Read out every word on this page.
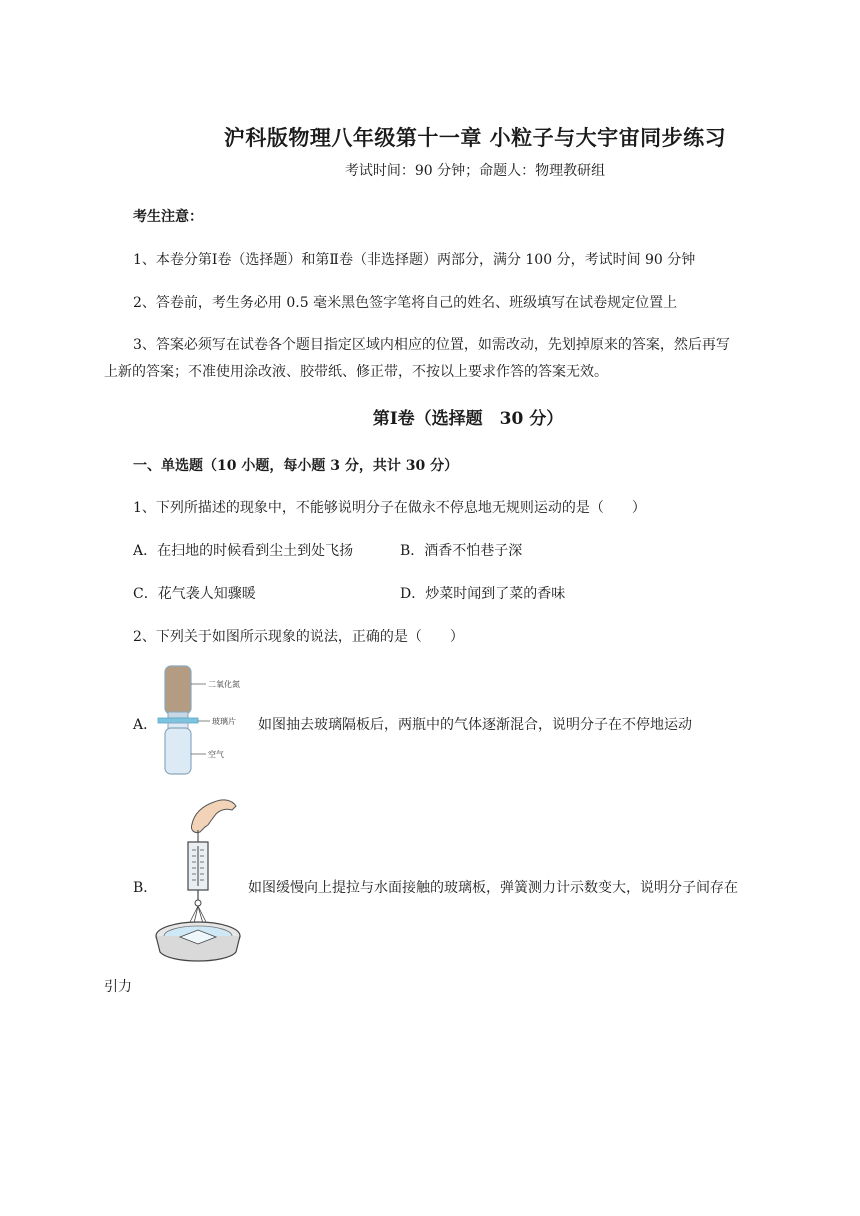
沪科版物理八年级第十一章 小粒子与大宇宙同步练习
考试时间：90 分钟；命题人：物理教研组
考生注意：
1、本卷分第Ⅰ卷（选择题）和第Ⅱ卷（非选择题）两部分，满分 100 分，考试时间 90 分钟
2、答卷前，考生务必用 0.5 毫米黑色签字笔将自己的姓名、班级填写在试卷规定位置上
3、答案必须写在试卷各个题目指定区域内相应的位置，如需改动，先划掉原来的答案，然后再写
上新的答案；不准使用涂改液、胶带纸、修正带，不按以上要求作答的答案无效。
第Ⅰ卷（选择题　30 分）
一、单选题（10 小题，每小题 3 分，共计 30 分）
1、下列所描述的现象中，不能够说明分子在做永不停息地无规则运动的是（　　）
A．在扫地的时候看到尘土到处飞扬	B．酒香不怕巷子深
C．花气袭人知骤暖	D．炒菜时闻到了菜的香味
2、下列关于如图所示现象的说法，正确的是（　　）
A．
二氧化氮
玻璃片
空气
如图抽去玻璃隔板后，两瓶中的气体逐渐混合，说明分子在不停地运动
B．	如图缓慢向上提拉与水面接触的玻璃板，弹簧测力计示数变大，说明分子间存在
引力
